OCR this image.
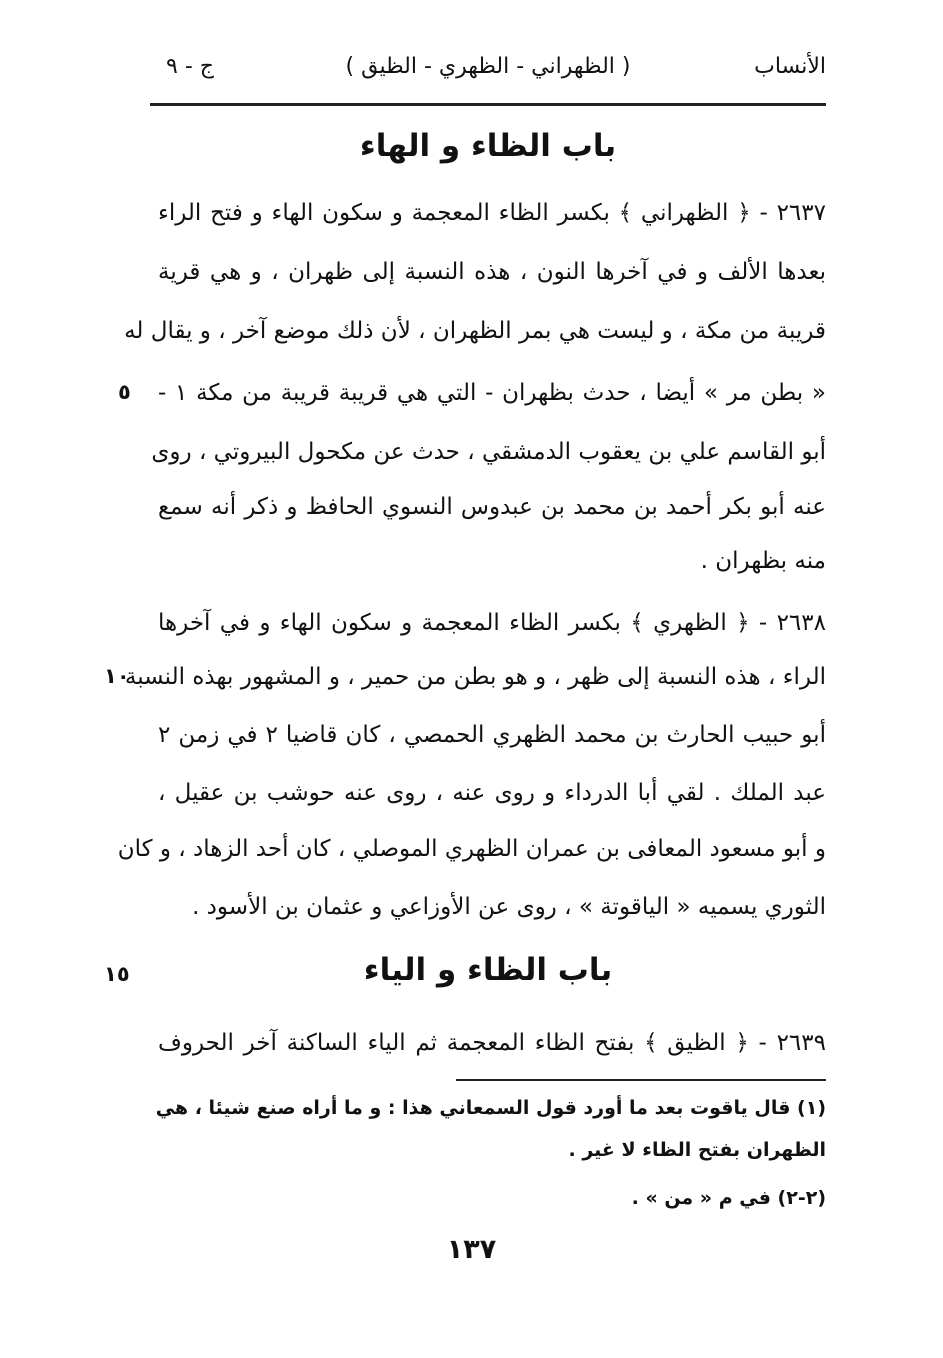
الأنساب
( الظهراني - الظهري - الظيق )
ج - ٩
باب الظاء و الهاء
٢٦٣٧ - ﴿ الظهراني ﴾ بكسر الظاء المعجمة و سكون الهاء و فتح الراء
بعدها الألف و في آخرها النون ، هذه النسبة إلى ظهران ، و هي قرية
قريبة من مكة ، و ليست هي بمر الظهران ، لأن ذلك موضع آخر ، و يقال له
« بطن مر » أيضا ، حدث بظهران - التي هي قريبة قريبة من مكة ١ -
أبو القاسم علي بن يعقوب الدمشقي ، حدث عن مكحول البيروتي ، روى
عنه أبو بكر أحمد بن محمد بن عبدوس النسوي الحافظ و ذكر أنه سمع
منه بظهران .
٢٦٣٨ - ﴿ الظهري ﴾ بكسر الظاء المعجمة و سكون الهاء و في آخرها
الراء ، هذه النسبة إلى ظهر ، و هو بطن من حمير ، و المشهور بهذه النسبة
أبو حبيب الحارث بن محمد الظهري الحمصي ، كان قاضيا ٢ في زمن ٢
عبد الملك . لقي أبا الدرداء و روى عنه ، روى عنه حوشب بن عقيل ،
و أبو مسعود المعافى بن عمران الظهري الموصلي ، كان أحد الزهاد ، و كان
الثوري يسميه « الياقوتة » ، روى عن الأوزاعي و عثمان بن الأسود .
باب الظاء و الياء
٢٦٣٩ - ﴿ الظيق ﴾ بفتح الظاء المعجمة ثم الياء الساكنة آخر الحروف
٥
١٠
١٥
(١) قال ياقوت بعد ما أورد قول السمعاني هذا : و ما أراه صنع شيئا ، هي
الظهران بفتح الظاء لا غير .
(٢-٢) في م « من » .
١٣٧
